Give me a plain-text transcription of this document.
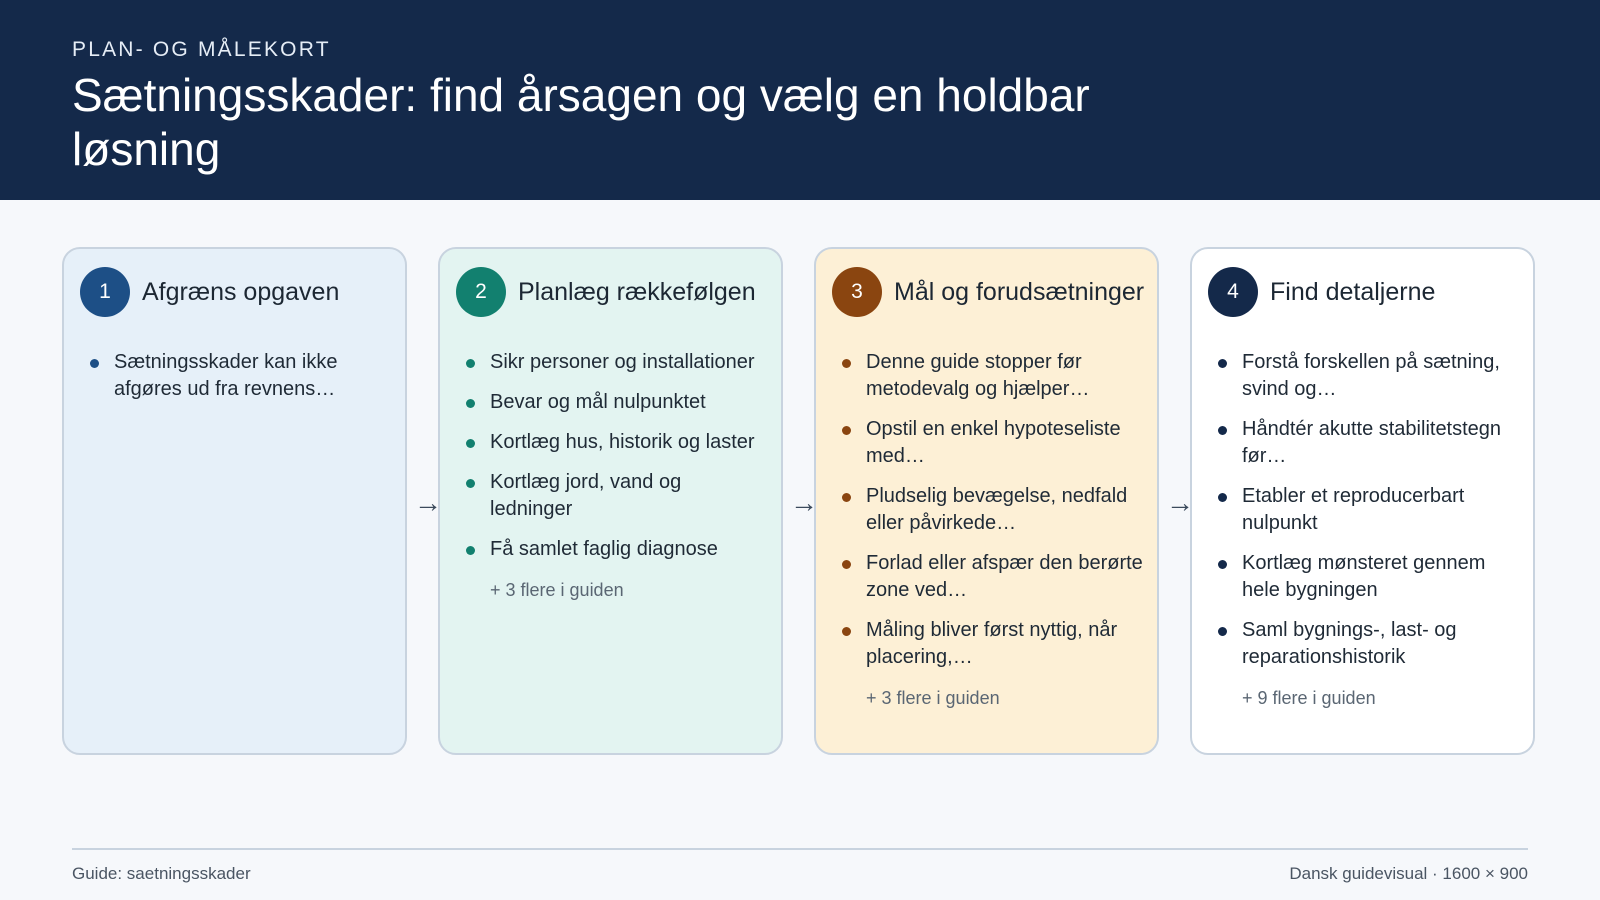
PLAN- OG MÅLEKORT
Sætningsskader: find årsagen og vælg en holdbar løsning
1	Afgræns opgaven
Sætningsskader kan ikke afgøres ud fra revnens…
2	Planlæg rækkefølgen
Sikr personer og installationer
Bevar og mål nulpunktet
Kortlæg hus, historik og laster
Kortlæg jord, vand og ledninger
Få samlet faglig diagnose
+ 3 flere i guiden
3	Mål og forudsætninger
Denne guide stopper før metodevalg og hjælper…
Opstil en enkel hypoteseliste med…
Pludselig bevægelse, nedfald eller påvirkede…
Forlad eller afspær den berørte zone ved…
Måling bliver først nyttig, når placering,…
+ 3 flere i guiden
4	Find detaljerne
Forstå forskellen på sætning, svind og…
Håndtér akutte stabilitetstegn før…
Etabler et reproducerbart nulpunkt
Kortlæg mønsteret gennem hele bygningen
Saml bygnings-, last- og reparationshistorik
+ 9 flere i guiden
→	→	→
Guide: saetningsskader	Dansk guidevisual · 1600 × 900
